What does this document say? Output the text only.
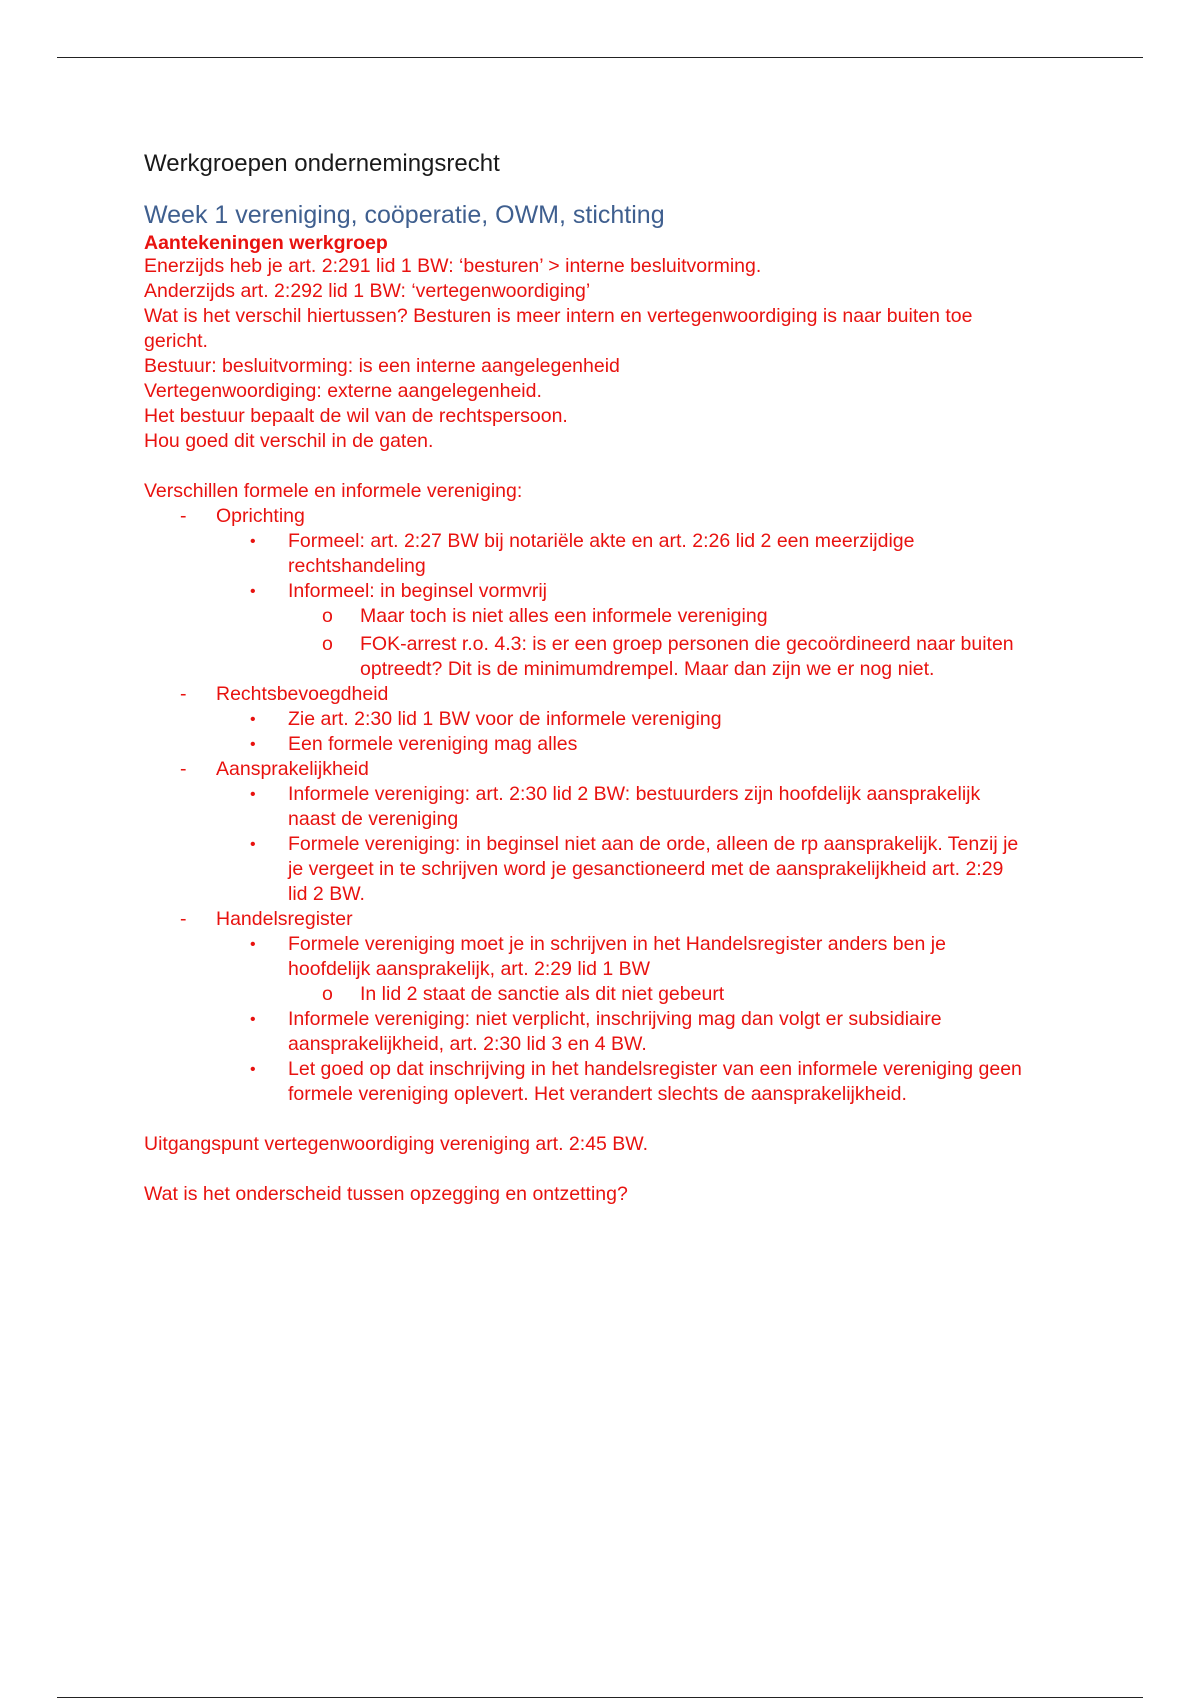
Werkgroepen ondernemingsrecht
Week 1 vereniging, coöperatie, OWM, stichting
Aantekeningen werkgroep

Enerzijds heb je art. 2:291 lid 1 BW: ‘besturen’ > interne besluitvorming.

Anderzijds art. 2:292 lid 1 BW: ‘vertegenwoordiging’

Wat is het verschil hiertussen? Besturen is meer intern en vertegenwoordiging is naar buiten toe gericht.

Bestuur: besluitvorming: is een interne aangelegenheid

Vertegenwoordiging: externe aangelegenheid.

Het bestuur bepaalt de wil van de rechtspersoon.

Hou goed dit verschil in de gaten.

Verschillen formele en informele vereniging:

- Oprichting
• Formeel: art. 2:27 BW bij notariële akte en art. 2:26 lid 2 een meerzijdige rechtshandeling
• Informeel: in beginsel vormvrij
o Maar toch is niet alles een informele vereniging
o FOK-arrest r.o. 4.3: is er een groep personen die gecoördineerd naar buiten optreedt? Dit is de minimumdrempel. Maar dan zijn we er nog niet.
- Rechtsbevoegdheid
• Zie art. 2:30 lid 1 BW voor de informele vereniging
• Een formele vereniging mag alles
- Aansprakelijkheid
• Informele vereniging: art. 2:30 lid 2 BW: bestuurders zijn hoofdelijk aansprakelijk naast de vereniging
• Formele vereniging: in beginsel niet aan de orde, alleen de rp aansprakelijk. Tenzij je je vergeet in te schrijven word je gesanctioneerd met de aansprakelijkheid art. 2:29 lid 2 BW.
- Handelsregister
• Formele vereniging moet je in schrijven in het Handelsregister anders ben je hoofdelijk aansprakelijk, art. 2:29 lid 1 BW
o In lid 2 staat de sanctie als dit niet gebeurt
• Informele vereniging: niet verplicht, inschrijving mag dan volgt er subsidiaire aansprakelijkheid, art. 2:30 lid 3 en 4 BW.
• Let goed op dat inschrijving in het handelsregister van een informele vereniging geen formele vereniging oplevert. Het verandert slechts de aansprakelijkheid.

Uitgangspunt vertegenwoordiging vereniging art. 2:45 BW.

Wat is het onderscheid tussen opzegging en ontzetting?
